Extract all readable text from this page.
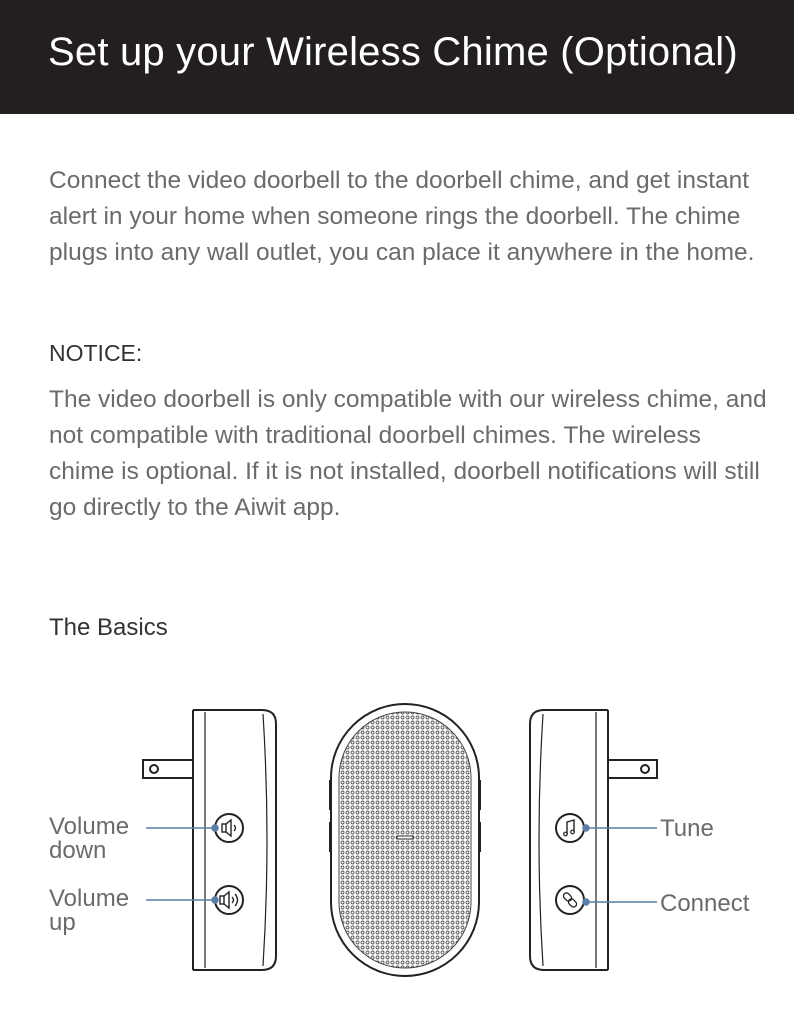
Set up your Wireless Chime (Optional)

Connect the video doorbell to the doorbell chime, and get instant alert in your home when someone rings the doorbell. The chime plugs into any wall outlet, you can place it anywhere in the home.

NOTICE:

The video doorbell is only compatible with our wireless chime, and not compatible with traditional doorbell chimes. The wireless chime is optional. If it is not installed, doorbell notifications will still go directly to the Aiwit app.

The Basics
Volume
down
Volume
up
Tune
Connect
